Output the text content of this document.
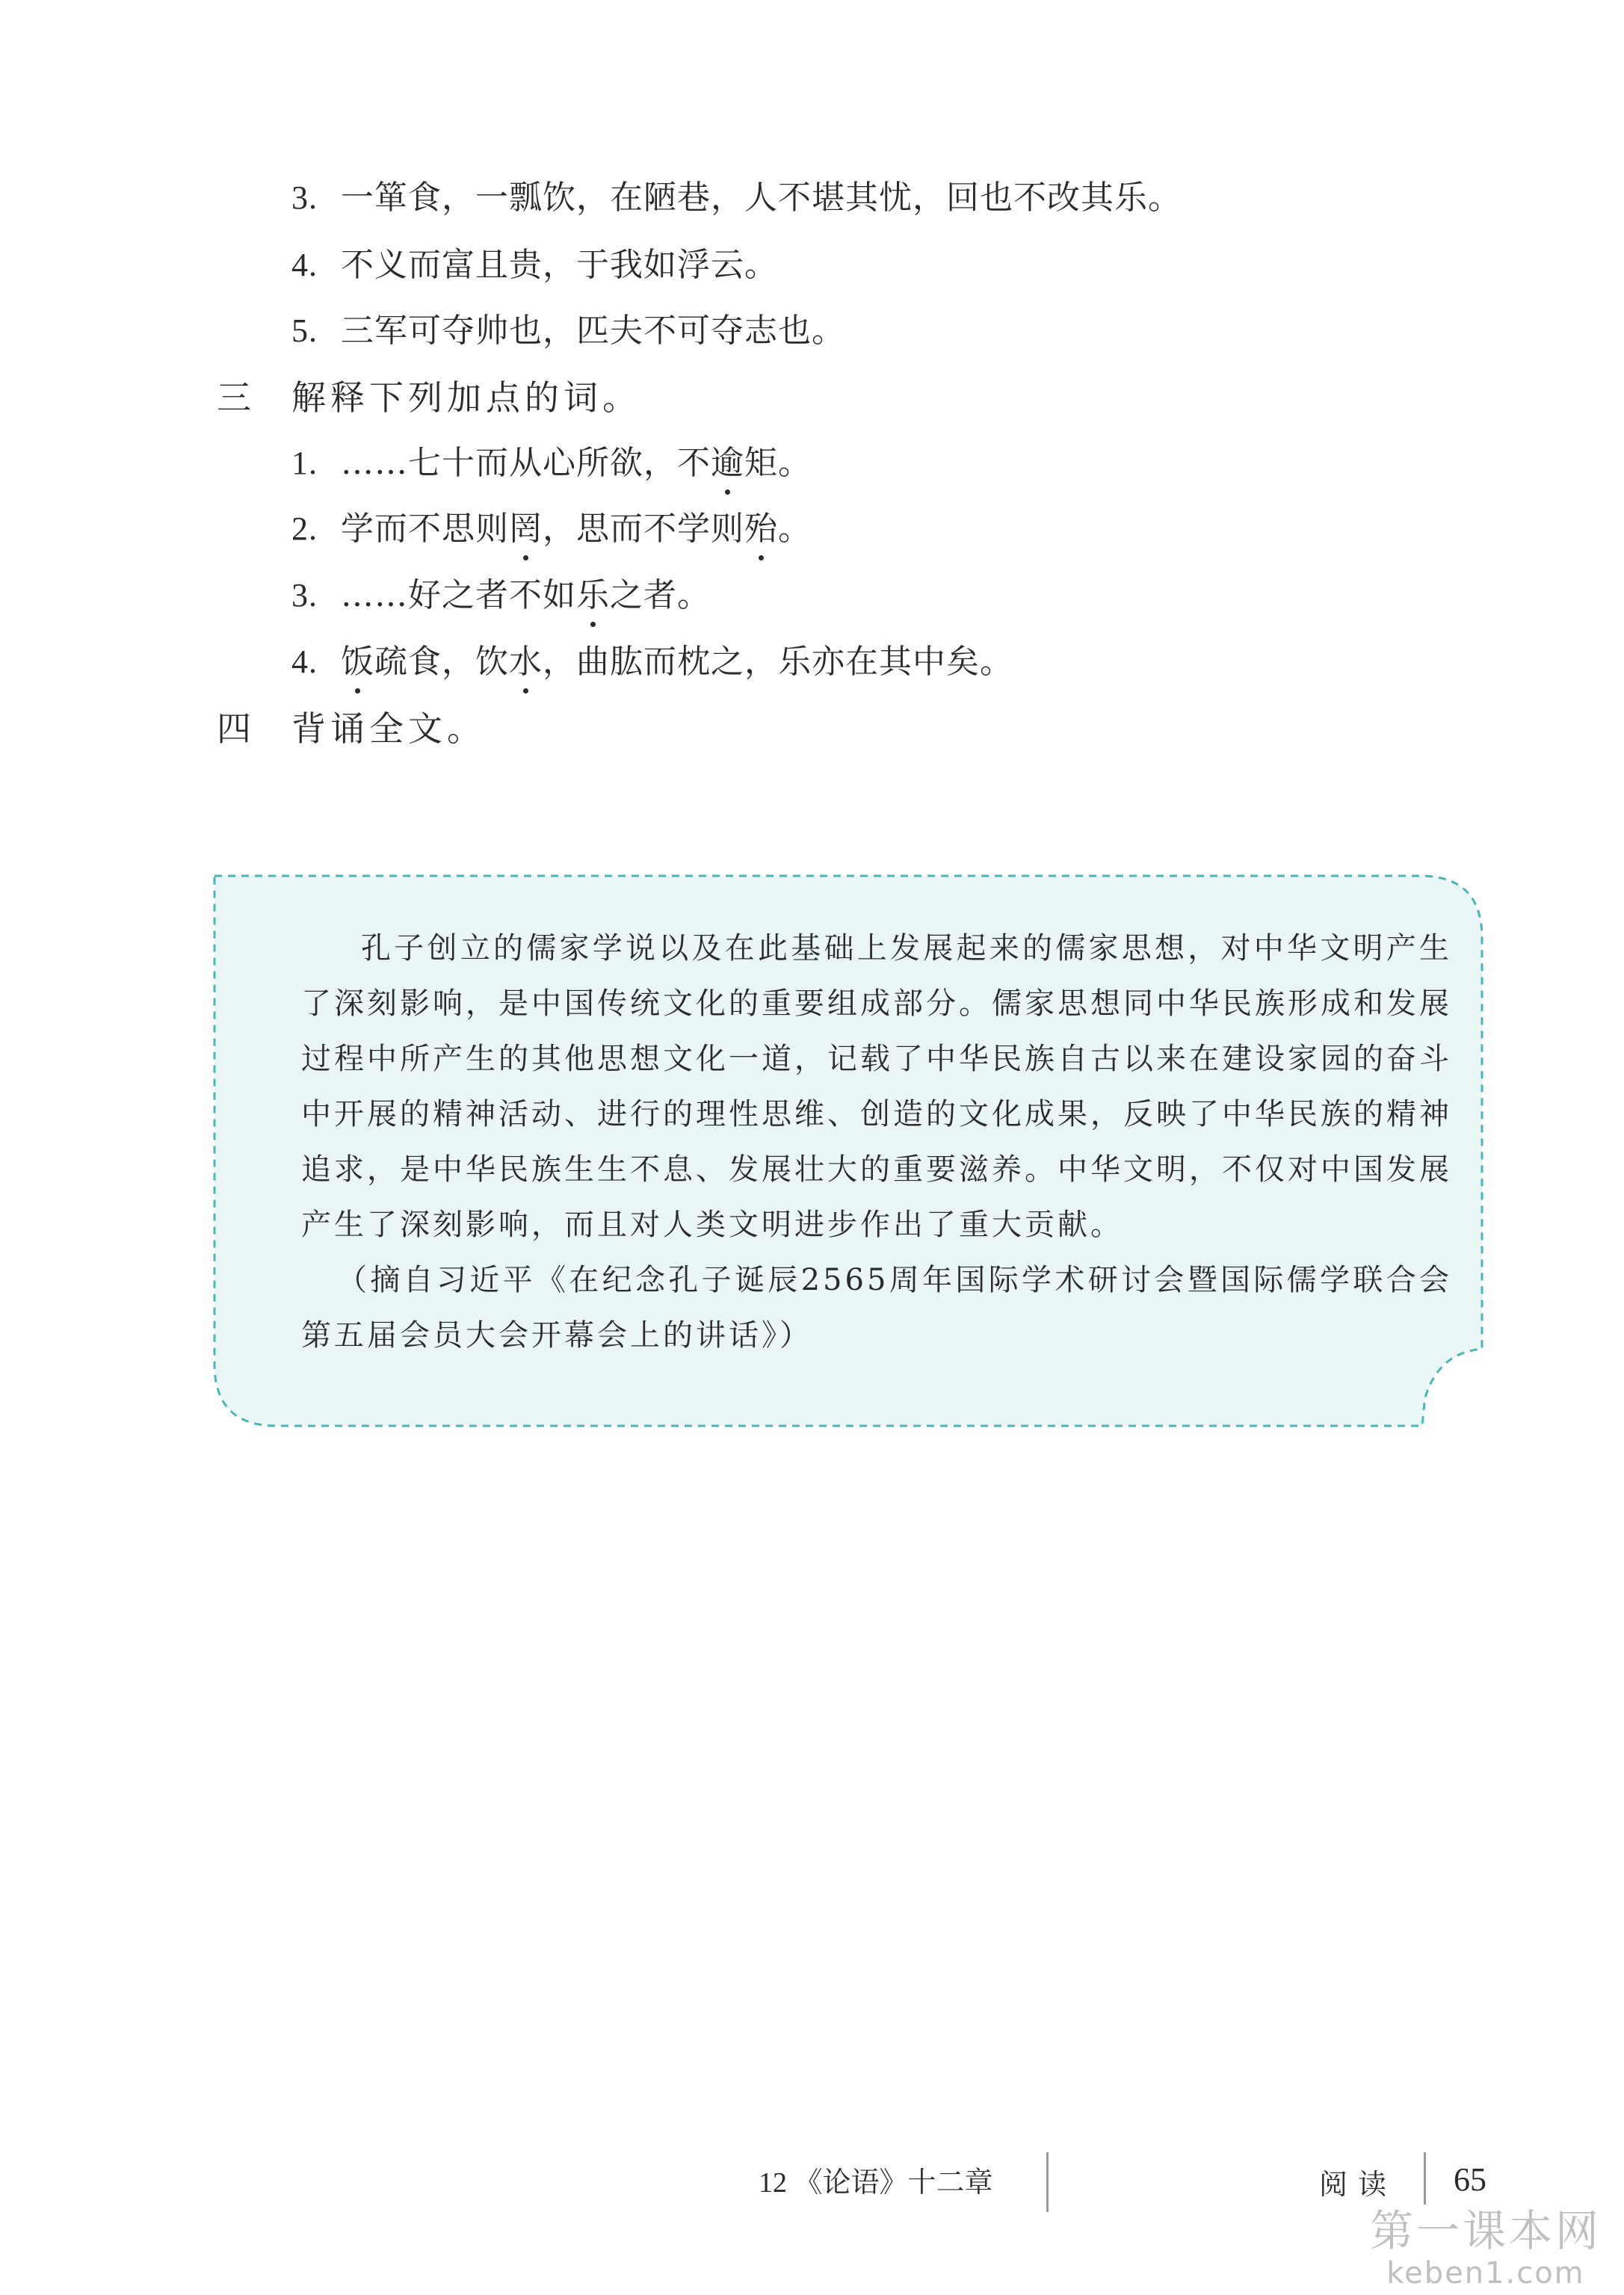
3. 一箪食，一瓢饮，在陋巷，人不堪其忧，回也不改其乐。
4. 不义而富且贵，于我如浮云。
5. 三军可夺帅也，匹夫不可夺志也。
三 解释下列加点的词。
1. ……七十而从心所欲，不逾矩。
2. 学而不思则罔，思而不学则殆。
3. ……好之者不如乐之者。
4. 饭疏食，饮水，曲肱而枕之，乐亦在其中矣。
四 背诵全文。

孔子创立的儒家学说以及在此基础上发展起来的儒家思想，对中华文明产生了深刻影响，是中国传统文化的重要组成部分。儒家思想同中华民族形成和发展过程中所产生的其他思想文化一道，记载了中华民族自古以来在建设家园的奋斗中开展的精神活动、进行的理性思维、创造的文化成果，反映了中华民族的精神追求，是中华民族生生不息、发展壮大的重要滋养。中华文明，不仅对中国发展产生了深刻影响，而且对人类文明进步作出了重大贡献。

（摘自习近平《在纪念孔子诞辰2565周年国际学术研讨会暨国际儒学联合会第五届会员大会开幕会上的讲话》）

12 《论语》十二章	阅读 65
第一课本网
keben1.com
